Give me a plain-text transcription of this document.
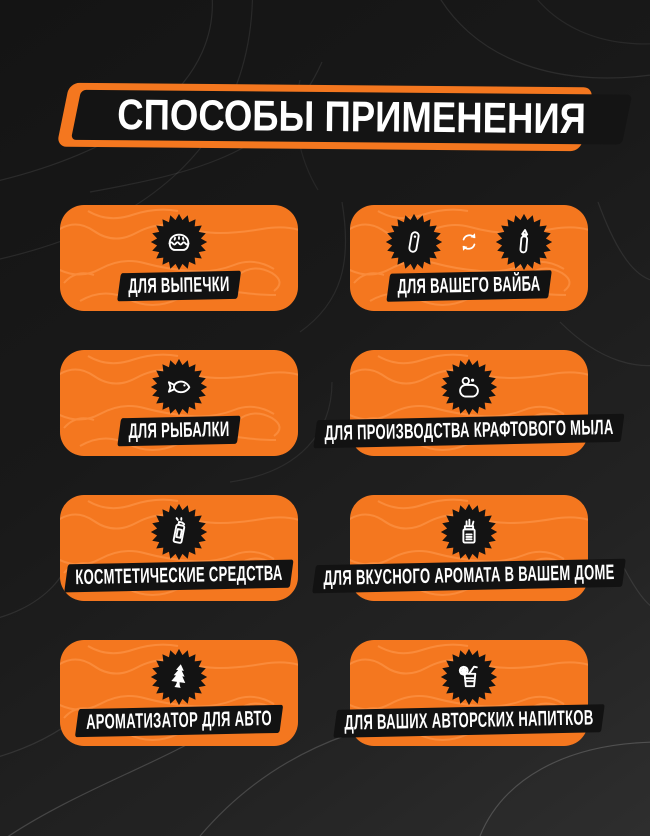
СПОСОБЫ ПРИМЕНЕНИЯ
ДЛЯ ВЫПЕЧКИ	ДЛЯ ВАШЕГО ВАЙБА
ДЛЯ РЫБАЛКИ	ДЛЯ ПРОИЗВОДСТВА КРАФТОВОГО МЫЛА
КОСМТЕТИЧЕСКИЕ СРЕДСТВА ДЛЯ ВКУСНОГО АРОМАТА В ВАШЕМ ДОМЕ
АРОМАТИЗАТОР ДЛЯ АВТО	ДЛЯ ВАШИХ АВТОРСКИХ НАПИТКОВ
